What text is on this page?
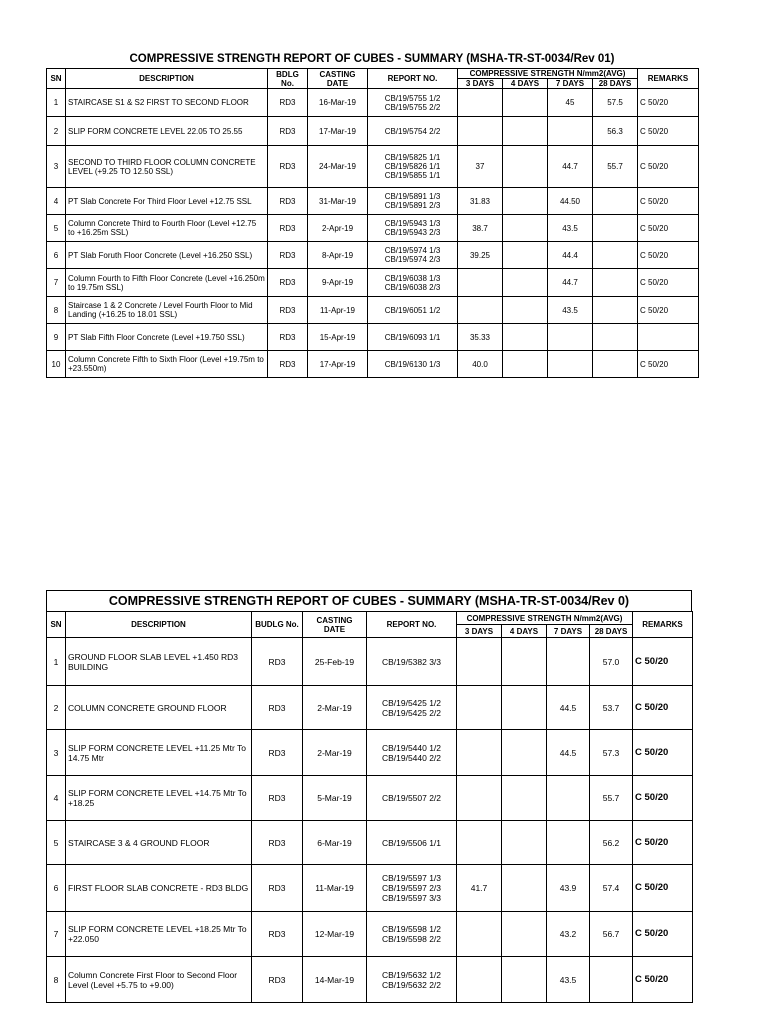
COMPRESSIVE STRENGTH REPORT OF CUBES - SUMMARY (MSHA-TR-ST-0034/Rev 01)
SN	DESCRIPTION	BDLG No.	CASTING DATE	REPORT NO.	COMPRESSIVE STRENGTH N/mm2(AVG)				REMARKS
					3 DAYS	4 DAYS	7 DAYS	28 DAYS	
1	STAIRCASE S1 & S2 FIRST TO SECOND FLOOR	RD3	16-Mar-19	CB/19/5755 1/2
CB/19/5755 2/2			45	57.5	C 50/20
2	SLIP FORM CONCRETE LEVEL 22.05 TO 25.55	RD3	17-Mar-19	CB/19/5754 2/2				56.3	C 50/20
3	SECOND TO THIRD FLOOR COLUMN CONCRETE LEVEL (+9.25 TO 12.50 SSL)	RD3	24-Mar-19	CB/19/5825 1/1
CB/19/5826 1/1
CB/19/5855 1/1	37		44.7	55.7	C 50/20
4	PT Slab Concrete For Third Floor Level +12.75 SSL	RD3	31-Mar-19	CB/19/5891 1/3
CB/19/5891 2/3	31.83		44.50		C 50/20
5	Column Concrete Third to Fourth Floor (Level +12.75 to +16.25m SSL)	RD3	2-Apr-19	CB/19/5943 1/3
CB/19/5943 2/3	38.7		43.5		C 50/20
6	PT Slab Foruth Floor Concrete (Level +16.250 SSL)	RD3	8-Apr-19	CB/19/5974 1/3
CB/19/5974 2/3	39.25		44.4		C 50/20
7	Column Fourth to Fifth Floor Concrete (Level +16.250m to 19.75m SSL)	RD3	9-Apr-19	CB/19/6038 1/3
CB/19/6038 2/3			44.7		C 50/20
8	Staircase 1 & 2 Concrete / Level Fourth Floor to Mid Landing (+16.25 to 18.01 SSL)	RD3	11-Apr-19	CB/19/6051 1/2			43.5		C 50/20
9	PT Slab Fifth Floor Concrete (Level +19.750 SSL)	RD3	15-Apr-19	CB/19/6093 1/1	35.33				
10	Column Concrete Fifth to Sixth Floor (Level +19.75m to +23.550m)	RD3	17-Apr-19	CB/19/6130 1/3	40.0				C 50/20
COMPRESSIVE STRENGTH REPORT OF CUBES - SUMMARY (MSHA-TR-ST-0034/Rev 0)
SN	DESCRIPTION	BUDLG No.	CASTING DATE	REPORT NO.	COMPRESSIVE STRENGTH N/mm2(AVG)				REMARKS
					3 DAYS	4 DAYS	7 DAYS	28 DAYS	
1	GROUND FLOOR SLAB LEVEL +1.450 RD3 BUILDING	RD3	25-Feb-19	CB/19/5382 3/3				57.0	C 50/20
2	COLUMN CONCRETE GROUND FLOOR	RD3	2-Mar-19	CB/19/5425 1/2
CB/19/5425 2/2			44.5	53.7	C 50/20
3	SLIP FORM CONCRETE LEVEL +11.25 Mtr To 14.75 Mtr	RD3	2-Mar-19	CB/19/5440 1/2
CB/19/5440 2/2			44.5	57.3	C 50/20
4	SLIP FORM CONCRETE LEVEL +14.75 Mtr To +18.25	RD3	5-Mar-19	CB/19/5507 2/2				55.7	C 50/20
5	STAIRCASE 3 & 4 GROUND FLOOR	RD3	6-Mar-19	CB/19/5506 1/1				56.2	C 50/20
6	FIRST FLOOR SLAB CONCRETE - RD3 BLDG	RD3	11-Mar-19	CB/19/5597 1/3
CB/19/5597 2/3
CB/19/5597 3/3	41.7		43.9	57.4	C 50/20
7	SLIP FORM CONCRETE LEVEL +18.25 Mtr To +22.050	RD3	12-Mar-19	CB/19/5598 1/2
CB/19/5598 2/2			43.2	56.7	C 50/20
8	Column Concrete First Floor to Second Floor Level (Level +5.75 to +9.00)	RD3	14-Mar-19	CB/19/5632 1/2
CB/19/5632 2/2			43.5		C 50/20
